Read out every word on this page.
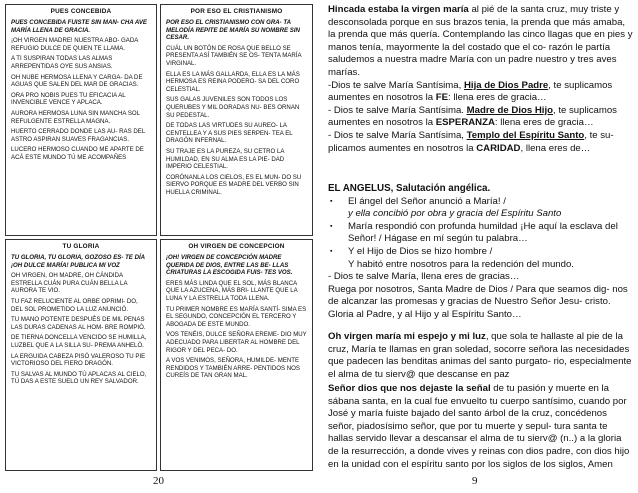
PUES CONCEBIDA

PUES CONCEBIDA FUISTE SIN MAN- CHA AVE MARÍA LLENA DE GRACIA.

¡OH VIRGEN MADRE! NUESTRA ABO- GADA REFUGIO DULCE DE QUIEN TE LLAMA.

A TI SUSPIRAN TODAS LAS ALMAS ARREPENTIDAS OYE SUS ANSIAS.

OH NUBE HERMOSA LLENA Y CARGA- DA DE AGUAS QUE SALEN DEL MAR DE GRACIAS.

ORA PRO NOBIS PUES TU EFICACIA AL INVENCIBLE VENCE Y APLACA.

AURORA HERMOSA LUNA SIN MANCHA SOL REFULGENTE ESTRELLA MAGNA.

HUERTO CERRADO DONDE LAS AU- RAS DEL ASTRO ASPIRAN SUAVES FRAGANCIAS.

LUCERO HERMOSO CUANDO ME APARTE DE ACÁ ESTE MUNDO TÚ ME ACOMPAÑES

POR ESO EL CRISTIANISMO

POR ESO EL CRISTIANISMO CON GRA- TA MELODÍA REPITE DE MARÍA SU NOMBRE SIN CESAR.

CUÁL UN BOTÓN DE ROSA QUE BELLO SE PRESENTA ASÍ TAMBIÉN SE OS- TENTA MARÍA VIRGINAL.

ELLA ES LA MÁS GALLARDA, ELLA ES LA MÁS HERMOSA ES REINA PODERO- SA DEL CORO CELESTIAL.

SUS GALAS JUVENILES SON TODOS LOS QUERUBES Y MIL DORADAS NU- BES ORNAN SU PEDESTAL.

DE TODAS LAS VIRTUDES SU AUREO- LA CENTELLEA Y A SUS PIES SERPEN- TEA EL DRAGÓN INFERNAL.

SU TRAJE ES LA PUREZA, SU CETRO LA HUMILDAD, EN SU ALMA ES LA PIE- DAD IMPERIO CELESTIAL.

CORÓNANLA LOS CIELOS, ES EL MUN- DO SU SIERVO PORQUE ES MADRE DEL VERBO SIN HUELLA CRIMINAL.

TU GLORIA

TU GLORIA, TU GLORIA, GOZOSO ES- TE DÍA ¡OH DULCE MARÍA! PUBLICA MI VOZ

OH VIRGEN, OH MADRE, OH CÁNDIDA ESTRELLA CUÁN PURA CUÁN BELLA LA AURORA TE VIO.

TU FAZ RELUCIENTE AL ORBE OPRIMI- DO, DEL SOL PROMETIDO LA LUZ ANUNCIÓ.

TU MANO POTENTE DESPUÉS DE MIL PENAS LAS DURAS CADENAS AL HOM- BRE ROMPIÓ.

DE TIERNA DONCELLA VENCIDO SE HUMILLA, LUZBEL QUE A LA SILLA SU- PREMA ANHELÓ.

LA ERGUIDA CABEZA PISÓ VALEROSO TU PIE VICTORIOSO DEL FIERO DRAGÓN.

TU SALVAS AL MUNDO TÚ APLACAS AL CIELO, TÚ DAS A ESTE SUELO UN REY SALVADOR.

OH VIRGEN DE CONCEPCION

¡OH! VIRGEN DE CONCEPCIÓN MADRE QUERIDA DE DIOS, ENTRE LAS BE- LLAS CRIATURAS LA ESCOGIDA FUIS- TES VOS.

ERES MÁS LINDA QUE EL SOL, MÁS BLANCA QUE LA AZUCENA, MÁS BRI- LLANTE QUE LA LUNA Y LA ESTRELLA TODA LLENA.

TU PRIMER NOMBRE ES MARÍA SANTÍ- SIMA ES EL SEGUNDO, CONCEPCIÓN EL TERCERO Y ABOGADA DE ESTE MUNDO.

VOS TENÉIS, DULCE SEÑORA EREME- DIO MUY ADECUADO PARA LIBERTAR AL HOMBRE DEL RIGOR Y DEL PECA- DO.

A VOS VENIMOS, SEÑORA, HUMILDE- MENTE RENDIDOS Y TAMBIÉN ARRE- PENTIDOS NOS CUREÍS DE TAN GRAN MAL.

20

Hincada estaba la virgen maría al pié de la santa cruz, muy triste y desconsolada porque en sus brazos tenia, la prenda que más amaba, la prenda que más quería. Contemplando las cinco llagas que en pies y manos tenía, mayormente la del costado que el co- razón le partía saludemos a nuestra madre María con un padre nuestro y tres aves marías.

-Dios te salve María Santísima, Hija de Dios Padre, te suplicamos aumentes en nosotros la FE: llena eres de gracia…

- Dios te salve María Santísima. Madre de Dios Hijo, te suplicamos aumentes en nosotros la ESPERANZA: llena eres de gracia…

- Dios te salve María Santísima, Templo del Espíritu Santo, te su- plicamos aumentes en nosotros la CARIDAD, llena eres de…

EL ANGELUS, Salutación angélica.

▪ El ángel del Señor anunció a María! /
y ella concibió por obra y gracia del Espíritu Santo
▪ María respondió con profunda humildad ¡He aquí la esclava del Señor! / Hágase en mí según tu palabra…
▪ Y el Hijo de Dios se hizo hombre /

Y habitó entre nosotros para la redención del mundo.

- Dios te salve María, llena eres de gracias…

Ruega por nosotros, Santa Madre de Dios / Para que seamos dig- nos de alcanzar las promesas y gracias de Nuestro Señor Jesu- cristo. Gloria al Padre, y al Hijo y al Espíritu Santo…

Oh virgen maría mi espejo y mi luz, que sola te hallaste al pie de la cruz, María te llamas en gran soledad, socorre señora las necesidades que padecen las benditas animas del santo purgato- rio, especialmente el alma de tu sierv@ que descanse en paz

Señor dios que nos dejaste la señal de tu pasión y muerte en la sábana santa, en la cual fue envuelto tu cuerpo santísimo, cuando por José y maría fuiste bajado del santo árbol de la cruz, concédenos señor, piadosísimo señor, que por tu muerte y sepul- tura santa te hallas servido llevar a descansar el alma de tu sierv@ (n..) a la gloria de la resurrección, a donde vives y reinas con dios padre, con dios hijo en la unidad con el espíritu santo por los siglos de los siglos, Amen

9
